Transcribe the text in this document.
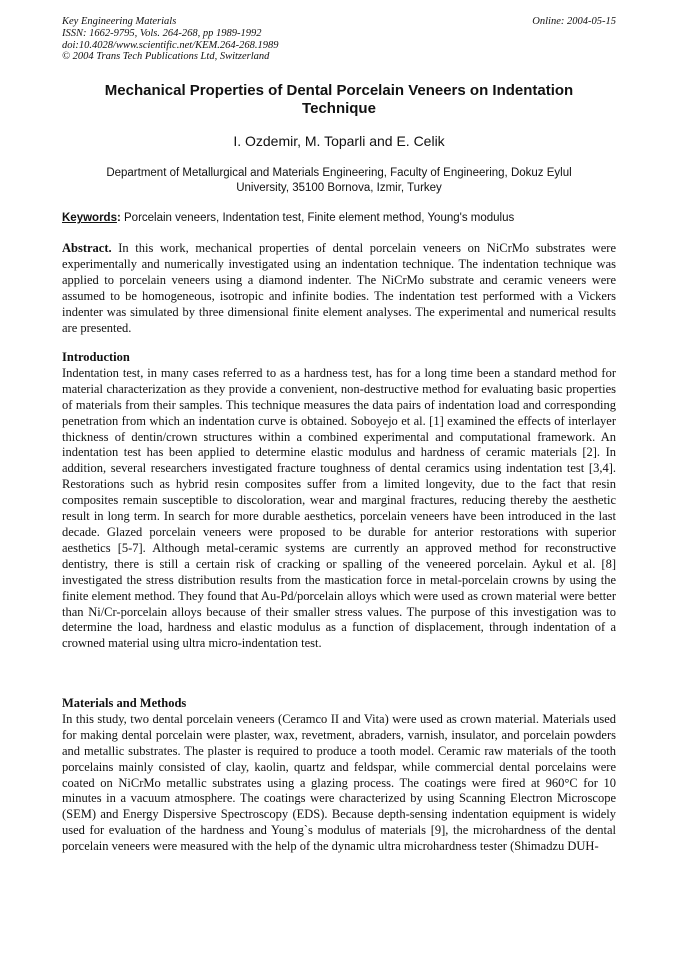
Key Engineering Materials
ISSN: 1662-9795, Vols. 264-268, pp 1989-1992
doi:10.4028/www.scientific.net/KEM.264-268.1989
© 2004 Trans Tech Publications Ltd, Switzerland
Online: 2004-05-15
Mechanical Properties of Dental Porcelain Veneers on Indentation Technique
I. Ozdemir, M. Toparli and E. Celik
Department of Metallurgical and Materials Engineering, Faculty of Engineering, Dokuz Eylul University, 35100 Bornova, Izmir, Turkey
Keywords: Porcelain veneers, Indentation test, Finite element method, Young's modulus

Abstract. In this work, mechanical properties of dental porcelain veneers on NiCrMo substrates were experimentally and numerically investigated using an indentation technique. The indentation technique was applied to porcelain veneers using a diamond indenter. The NiCrMo substrate and ceramic veneers were assumed to be homogeneous, isotropic and infinite bodies. The indentation test performed with a Vickers indenter was simulated by three dimensional finite element analyses. The experimental and numerical results are presented.

Introduction

Indentation test, in many cases referred to as a hardness test, has for a long time been a standard method for material characterization as they provide a convenient, non-destructive method for evaluating basic properties of materials from their samples. This technique measures the data pairs of indentation load and corresponding penetration from which an indentation curve is obtained. Soboyejo et al. [1] examined the effects of interlayer thickness of dentin/crown structures within a combined experimental and computational framework. An indentation test has been applied to determine elastic modulus and hardness of ceramic materials [2]. In addition, several researchers investigated fracture toughness of dental ceramics using indentation test [3,4]. Restorations such as hybrid resin composites suffer from a limited longevity, due to the fact that resin composites remain susceptible to discoloration, wear and marginal fractures, reducing thereby the aesthetic result in long term. In search for more durable aesthetics, porcelain veneers have been introduced in the last decade. Glazed porcelain veneers were proposed to be durable for anterior restorations with superior aesthetics [5-7]. Although metal-ceramic systems are currently an approved method for reconstructive dentistry, there is still a certain risk of cracking or spalling of the veneered porcelain. Aykul et al. [8] investigated the stress distribution results from the mastication force in metal-porcelain crowns by using the finite element method. They found that Au-Pd/porcelain alloys which were used as crown material were better than Ni/Cr-porcelain alloys because of their smaller stress values. The purpose of this investigation was to determine the load, hardness and elastic modulus as a function of displacement, through indentation of a crowned material using ultra micro-indentation test.

Materials and Methods

In this study, two dental porcelain veneers (Ceramco II and Vita) were used as crown material. Materials used for making dental porcelain were plaster, wax, revetment, abraders, varnish, insulator, and porcelain powders and metallic substrates. The plaster is required to produce a tooth model. Ceramic raw materials of the tooth porcelains mainly consisted of clay, kaolin, quartz and feldspar, while commercial dental porcelains were coated on NiCrMo metallic substrates using a glazing process. The coatings were fired at 960°C for 10 minutes in a vacuum atmosphere. The coatings were characterized by using Scanning Electron Microscope (SEM) and Energy Dispersive Spectroscopy (EDS). Because depth-sensing indentation equipment is widely used for evaluation of the hardness and Young`s modulus of materials [9], the microhardness of the dental porcelain veneers were measured with the help of the dynamic ultra microhardness tester (Shimadzu DUH-
